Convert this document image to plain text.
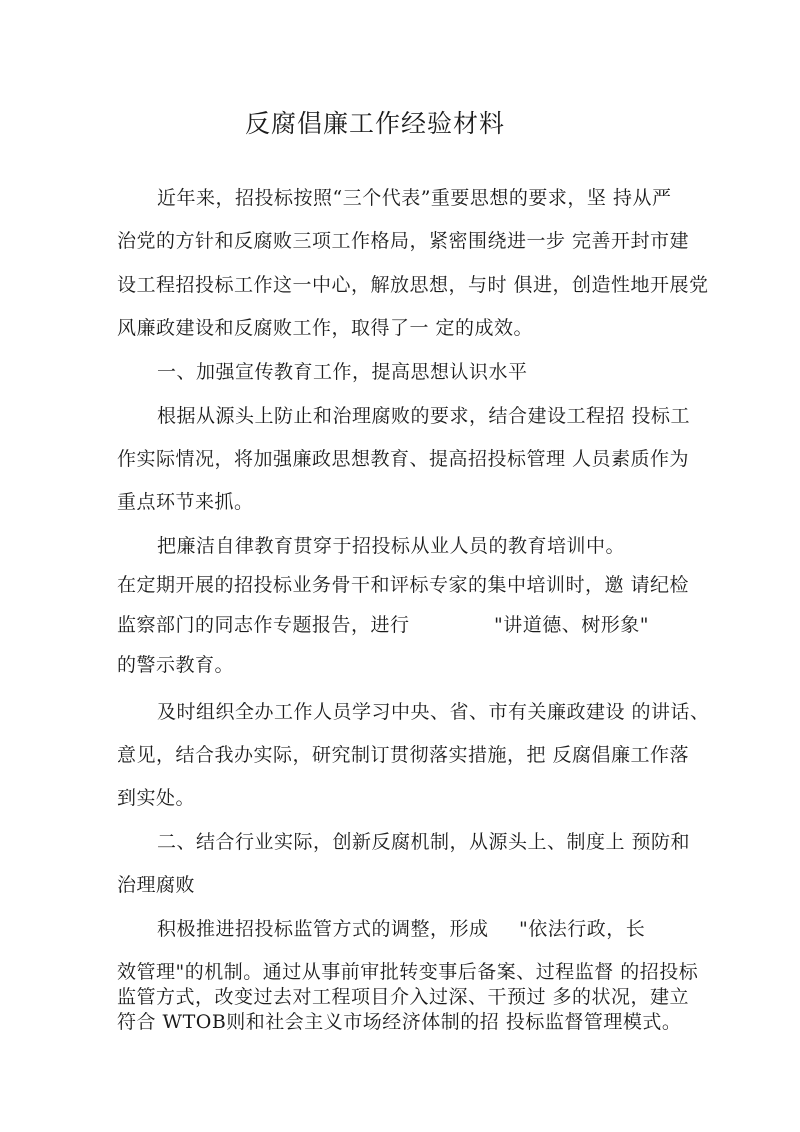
反腐倡廉工作经验材料
近年来，招投标按照“三个代表”重要思想的要求，坚 持从严
治党的方针和反腐败三项工作格局，紧密围绕进一步 完善开封市建
设工程招投标工作这一中心，解放思想，与时 俱进，创造性地开展党
风廉政建设和反腐败工作，取得了一 定的成效。
一、加强宣传教育工作，提高思想认识水平
根据从源头上防止和治理腐败的要求，结合建设工程招 投标工
作实际情况，将加强廉政思想教育、提高招投标管理 人员素质作为
重点环节来抓。
把廉洁自律教育贯穿于招投标从业人员的教育培训中。
在定期开展的招投标业务骨干和评标专家的集中培训时，邀 请纪检
监察部门的同志作专题报告，进行	"讲道德、树形象"
的警示教育。
及时组织全办工作人员学习中央、省、市有关廉政建设 的讲话、
意见，结合我办实际，研究制订贯彻落实措施，把 反腐倡廉工作落
到实处。
二、结合行业实际，创新反腐机制，从源头上、制度上 预防和
治理腐败
积极推进招投标监管方式的调整，形成 "依法行政，长
效管理"的机制。通过从事前审批转变事后备案、过程监督 的招投标
监管方式，改变过去对工程项目介入过深、干预过 多的状况，建立
符合 WTOB则和社会主义市场经济体制的招 投标监督管理模式。
